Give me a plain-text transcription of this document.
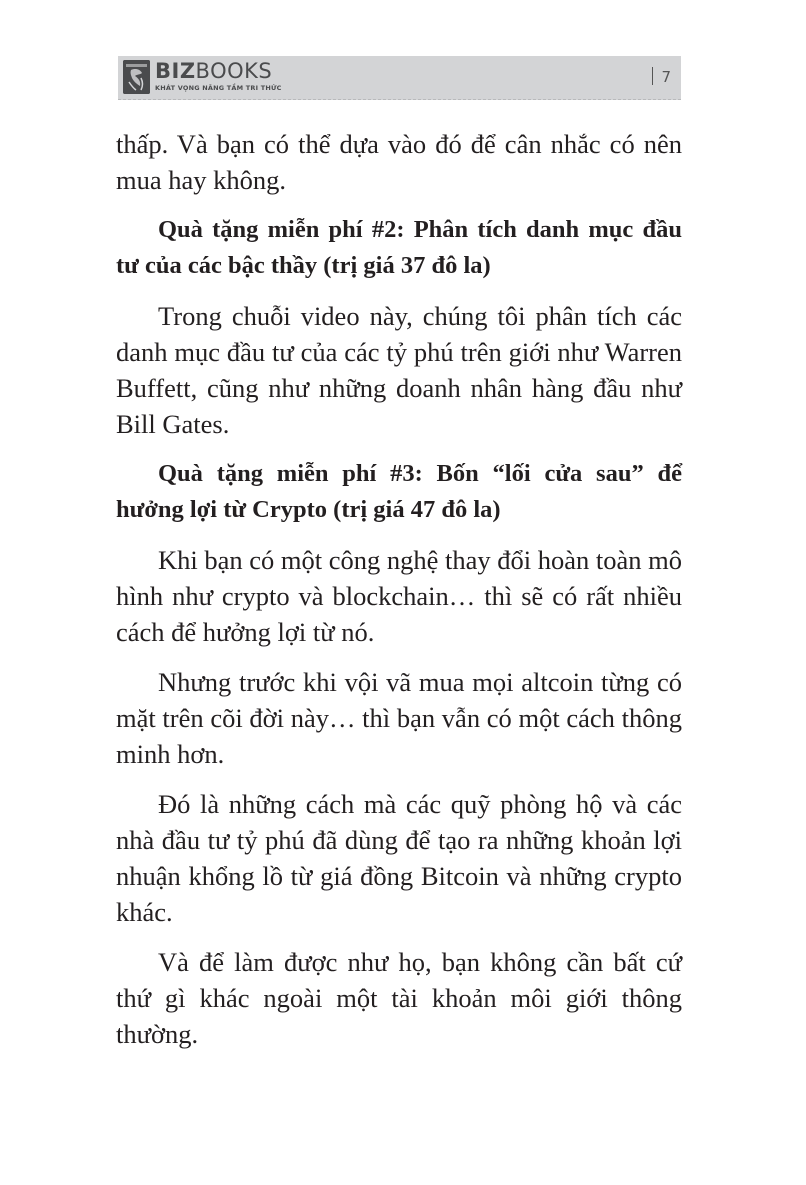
BIZBOOKS
KHÁT VỌNG NÂNG TẦM TRI THỨC
7

thấp. Và bạn có thể dựa vào đó để cân nhắc có nên mua hay không.

Quà tặng miễn phí #2: Phân tích danh mục đầu tư của các bậc thầy (trị giá 37 đô la)

Trong chuỗi video này, chúng tôi phân tích các danh mục đầu tư của các tỷ phú trên giới như Warren Buffett, cũng như những doanh nhân hàng đầu như Bill Gates.

Quà tặng miễn phí #3: Bốn “lối cửa sau” để hưởng lợi từ Crypto (trị giá 47 đô la)

Khi bạn có một công nghệ thay đổi hoàn toàn mô hình như crypto và blockchain… thì sẽ có rất nhiều cách để hưởng lợi từ nó.

Nhưng trước khi vội vã mua mọi altcoin từng có mặt trên cõi đời này… thì bạn vẫn có một cách thông minh hơn.

Đó là những cách mà các quỹ phòng hộ và các nhà đầu tư tỷ phú đã dùng để tạo ra những khoản lợi nhuận khổng lồ từ giá đồng Bitcoin và những crypto khác.

Và để làm được như họ, bạn không cần bất cứ thứ gì khác ngoài một tài khoản môi giới thông thường.
